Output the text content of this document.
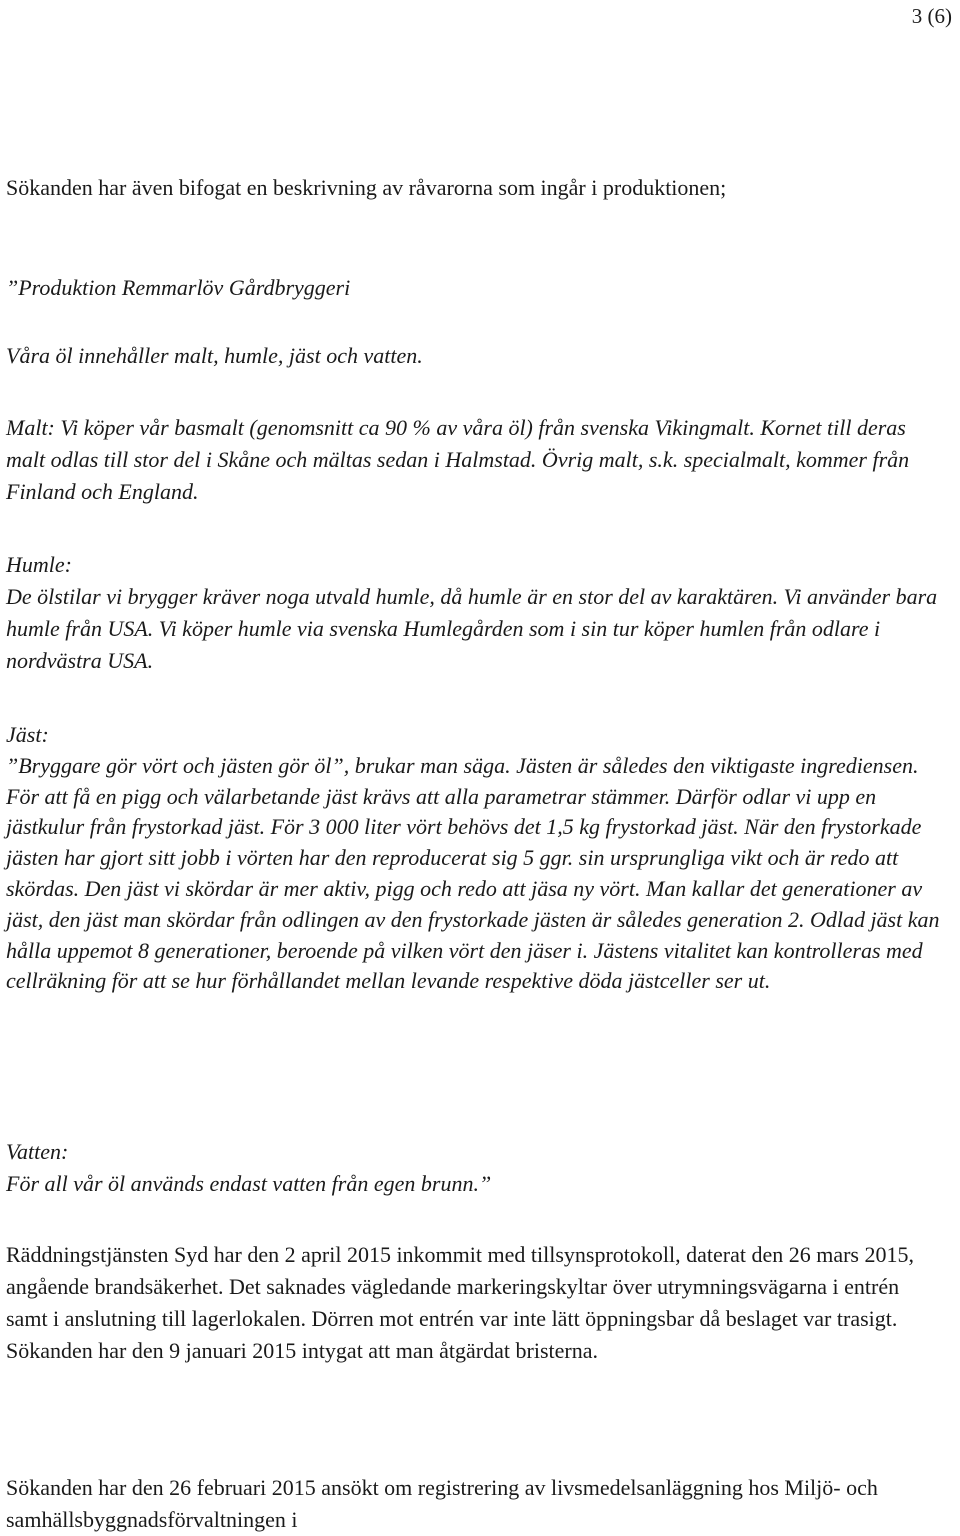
3 (6)

Sökanden har även bifogat en beskrivning av råvarorna som ingår i produktionen;

”Produktion Remmarlöv Gårdbryggeri

Våra öl innehåller malt, humle, jäst och vatten.

Malt: Vi köper vår basmalt (genomsnitt ca 90 % av våra öl) från svenska Vikingmalt. Kornet till deras malt odlas till stor del i Skåne och mältas sedan i Halmstad. Övrig malt, s.k. specialmalt, kommer från Finland och England.

Humle:
De ölstilar vi brygger kräver noga utvald humle, då humle är en stor del av karaktären. Vi använder bara humle från USA. Vi köper humle via svenska Humlegården som i sin tur köper humlen från odlare i nordvästra USA.
Jäst:
”Bryggare gör vört och jästen gör öl”, brukar man säga. Jästen är således den viktigaste ingrediensen. För att få en pigg och välarbetande jäst krävs att alla parametrar stämmer. Därför odlar vi upp en jästkulur från frystorkad jäst. För 3 000 liter vört behövs det 1,5 kg frystorkad jäst. När den frystorkade jästen har gjort sitt jobb i vörten har den reproducerat sig 5 ggr. sin ursprungliga vikt och är redo att skördas. Den jäst vi skördar är mer aktiv, pigg och redo att jäsa ny vört. Man kallar det generationer av jäst, den jäst man skördar från odlingen av den frystorkade jästen är således generation 2. Odlad jäst kan hålla uppemot 8 generationer, beroende på vilken vört den jäser i. Jästens vitalitet kan kontrolleras med cellräkning för att se hur förhållandet mellan levande respektive döda jästceller ser ut.
Vatten:
För all vår öl används endast vatten från egen brunn.”

Räddningstjänsten Syd har den 2 april 2015 inkommit med tillsynsprotokoll, daterat den 26 mars 2015, angående brandsäkerhet. Det saknades vägledande markeringskyltar över utrymningsvägarna i entrén samt i anslutning till lagerlokalen. Dörren mot entrén var inte lätt öppningsbar då beslaget var trasigt. Sökanden har den 9 januari 2015 intygat att man åtgärdat bristerna.

Sökanden har den 26 februari 2015 ansökt om registrering av livsmedelsanläggning hos Miljö- och samhällsbyggnadsförvaltningen i
